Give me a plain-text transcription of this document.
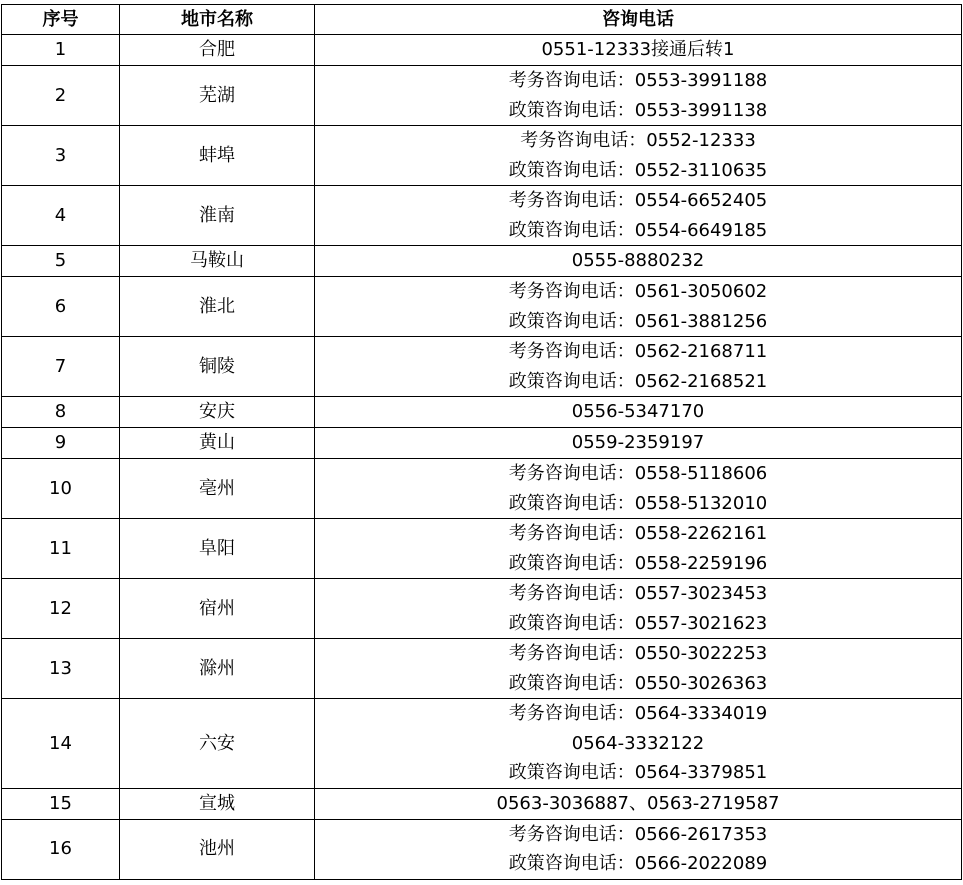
序号	地市名称	咨询电话
1	合肥	0551-12333接通后转1

2	芜湖	考务咨询电话：0553-3991188
政策咨询电话：0553-3991138

3	蚌埠	考务咨询电话：0552-12333
政策咨询电话：0552-3110635

4	淮南	考务咨询电话：0554-6652405
政策咨询电话：0554-6649185

5	马鞍山	0555-8880232

6	淮北	考务咨询电话：0561-3050602
政策咨询电话：0561-3881256

7	铜陵	考务咨询电话：0562-2168711
政策咨询电话：0562-2168521

8	安庆	0556-5347170

9	黄山	0559-2359197

10	亳州	考务咨询电话：0558-5118606
政策咨询电话：0558-5132010

11	阜阳	考务咨询电话：0558-2262161
政策咨询电话：0558-2259196

12	宿州	考务咨询电话：0557-3023453
政策咨询电话：0557-3021623

13	滁州	考务咨询电话：0550-3022253
政策咨询电话：0550-3026363

14	六安	考务咨询电话：0564-3334019
0564-3332122
政策咨询电话：0564-3379851

15	宣城	0563-3036887、0563-2719587

16	池州	考务咨询电话：0566-2617353
政策咨询电话：0566-2022089
